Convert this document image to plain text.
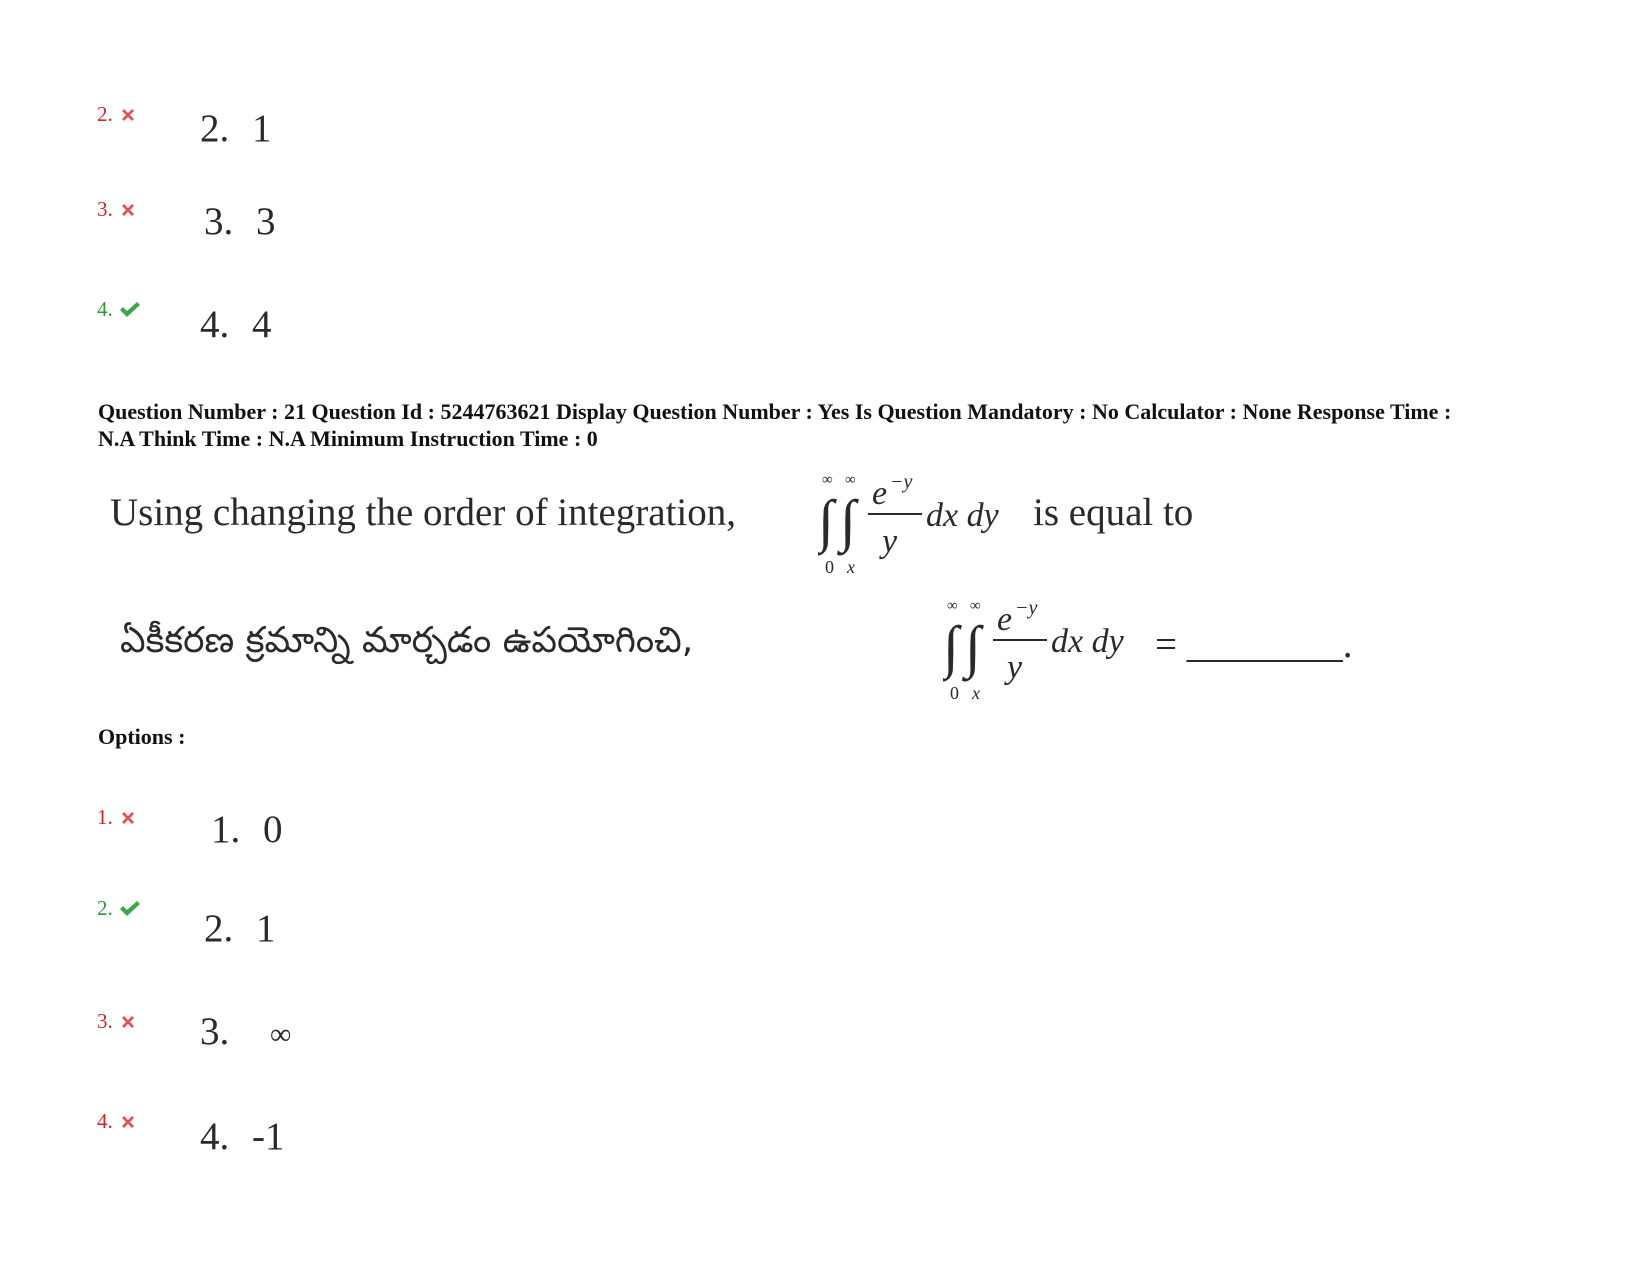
2.	2. 1

3.	3. 3

4.	4. 4

Question Number : 21 Question Id : 5244763621 Display Question Number : Yes Is Question Mandatory : No Calculator : None Response Time :
N.A Think Time : N.A Minimum Instruction Time : 0
Using changing the order of integration,
∞ ∞
∫ ∫
0 x
e −y
y
dx dy is equal to
ఏకీకరణ క్రమాన్ని మార్చడం ఉపయోగించి,
∞ ∞
∫ ∫
0 x
e −y
y
dx dy = ________.
Options :
1.	1. 0

2.	2. 1

3.	3. ∞

4.	4. -1
